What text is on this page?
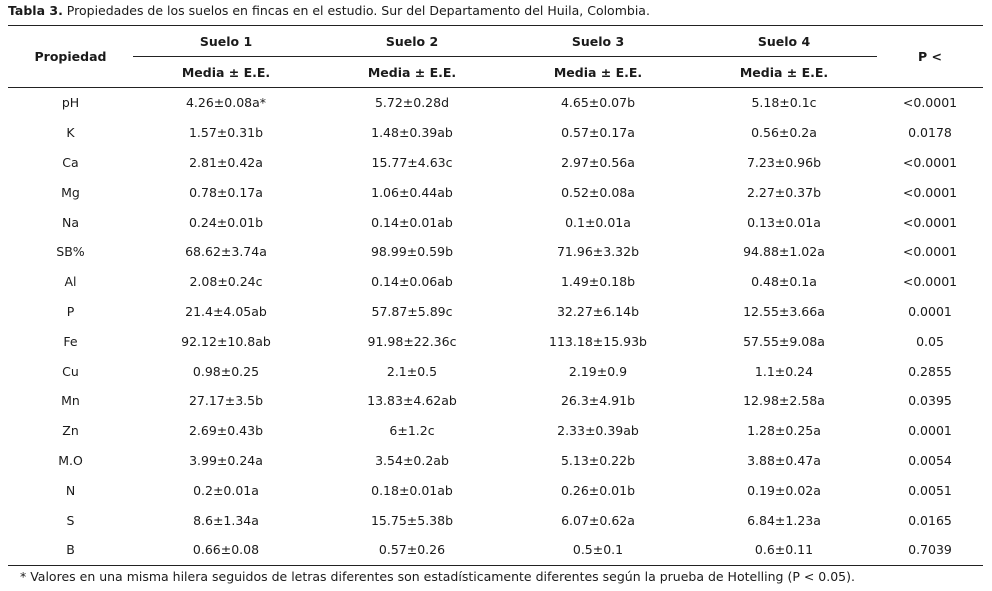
Tabla 3. Propiedades de los suelos en fincas en el estudio. Sur del Departamento del Huila, Colombia.
Propiedad	Suelo 1	Suelo 2	Suelo 3	Suelo 4	P <
	Media ± E.E.	Media ± E.E.	Media ± E.E.	Media ± E.E.	
pH	4.26±0.08a*	5.72±0.28d	4.65±0.07b	5.18±0.1c	<0.0001
K	1.57±0.31b	1.48±0.39ab	0.57±0.17a	0.56±0.2a	0.0178
Ca	2.81±0.42a	15.77±4.63c	2.97±0.56a	7.23±0.96b	<0.0001
Mg	0.78±0.17a	1.06±0.44ab	0.52±0.08a	2.27±0.37b	<0.0001
Na	0.24±0.01b	0.14±0.01ab	0.1±0.01a	0.13±0.01a	<0.0001
SB%	68.62±3.74a	98.99±0.59b	71.96±3.32b	94.88±1.02a	<0.0001
Al	2.08±0.24c	0.14±0.06ab	1.49±0.18b	0.48±0.1a	<0.0001
P	21.4±4.05ab	57.87±5.89c	32.27±6.14b	12.55±3.66a	0.0001
Fe	92.12±10.8ab	91.98±22.36c	113.18±15.93b	57.55±9.08a	0.05
Cu	0.98±0.25	2.1±0.5	2.19±0.9	1.1±0.24	0.2855
Mn	27.17±3.5b	13.83±4.62ab	26.3±4.91b	12.98±2.58a	0.0395
Zn	2.69±0.43b	6±1.2c	2.33±0.39ab	1.28±0.25a	0.0001
M.O	3.99±0.24a	3.54±0.2ab	5.13±0.22b	3.88±0.47a	0.0054
N	0.2±0.01a	0.18±0.01ab	0.26±0.01b	0.19±0.02a	0.0051
S	8.6±1.34a	15.75±5.38b	6.07±0.62a	6.84±1.23a	0.0165
B	0.66±0.08	0.57±0.26	0.5±0.1	0.6±0.11	0.7039
* Valores en una misma hilera seguidos de letras diferentes son estadísticamente diferentes según la prueba de Hotelling (P < 0.05).
